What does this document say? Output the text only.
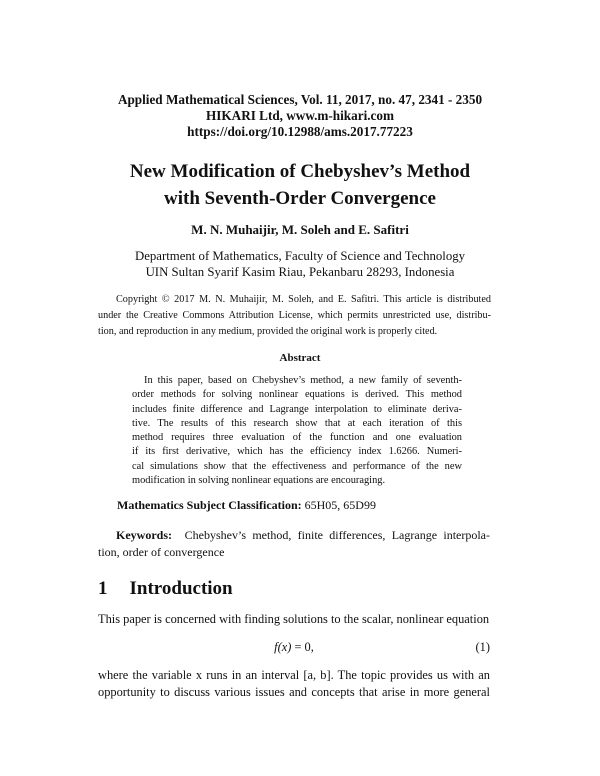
Applied Mathematical Sciences, Vol. 11, 2017, no. 47, 2341 - 2350
HIKARI Ltd, www.m-hikari.com
https://doi.org/10.12988/ams.2017.77223
New Modification of Chebyshev’s Method
with Seventh-Order Convergence
M. N. Muhaijir, M. Soleh and E. Safitri
Department of Mathematics, Faculty of Science and Technology
UIN Sultan Syarif Kasim Riau, Pekanbaru 28293, Indonesia
Copyright © 2017 M. N. Muhaijir, M. Soleh, and E. Safitri. This article is distributed
under the Creative Commons Attribution License, which permits unrestricted use, distribu-
tion, and reproduction in any medium, provided the original work is properly cited.
Abstract
In this paper, based on Chebyshev’s method, a new family of seventh-
order methods for solving nonlinear equations is derived. This method
includes finite difference and Lagrange interpolation to eliminate deriva-
tive. The results of this research show that at each iteration of this
method requires three evaluation of the function and one evaluation
if its first derivative, which has the efficiency index 1.6266. Numeri-
cal simulations show that the effectiveness and performance of the new
modification in solving nonlinear equations are encouraging.
Mathematics Subject Classification: 65H05, 65D99
Keywords: Chebyshev’s method, finite differences, Lagrange interpola-
tion, order of convergence
1 Introduction
This paper is concerned with finding solutions to the scalar, nonlinear equation
f(x) = 0,	(1)
where the variable x runs in an interval [a, b]. The topic provides us with an
opportunity to discuss various issues and concepts that arise in more general
